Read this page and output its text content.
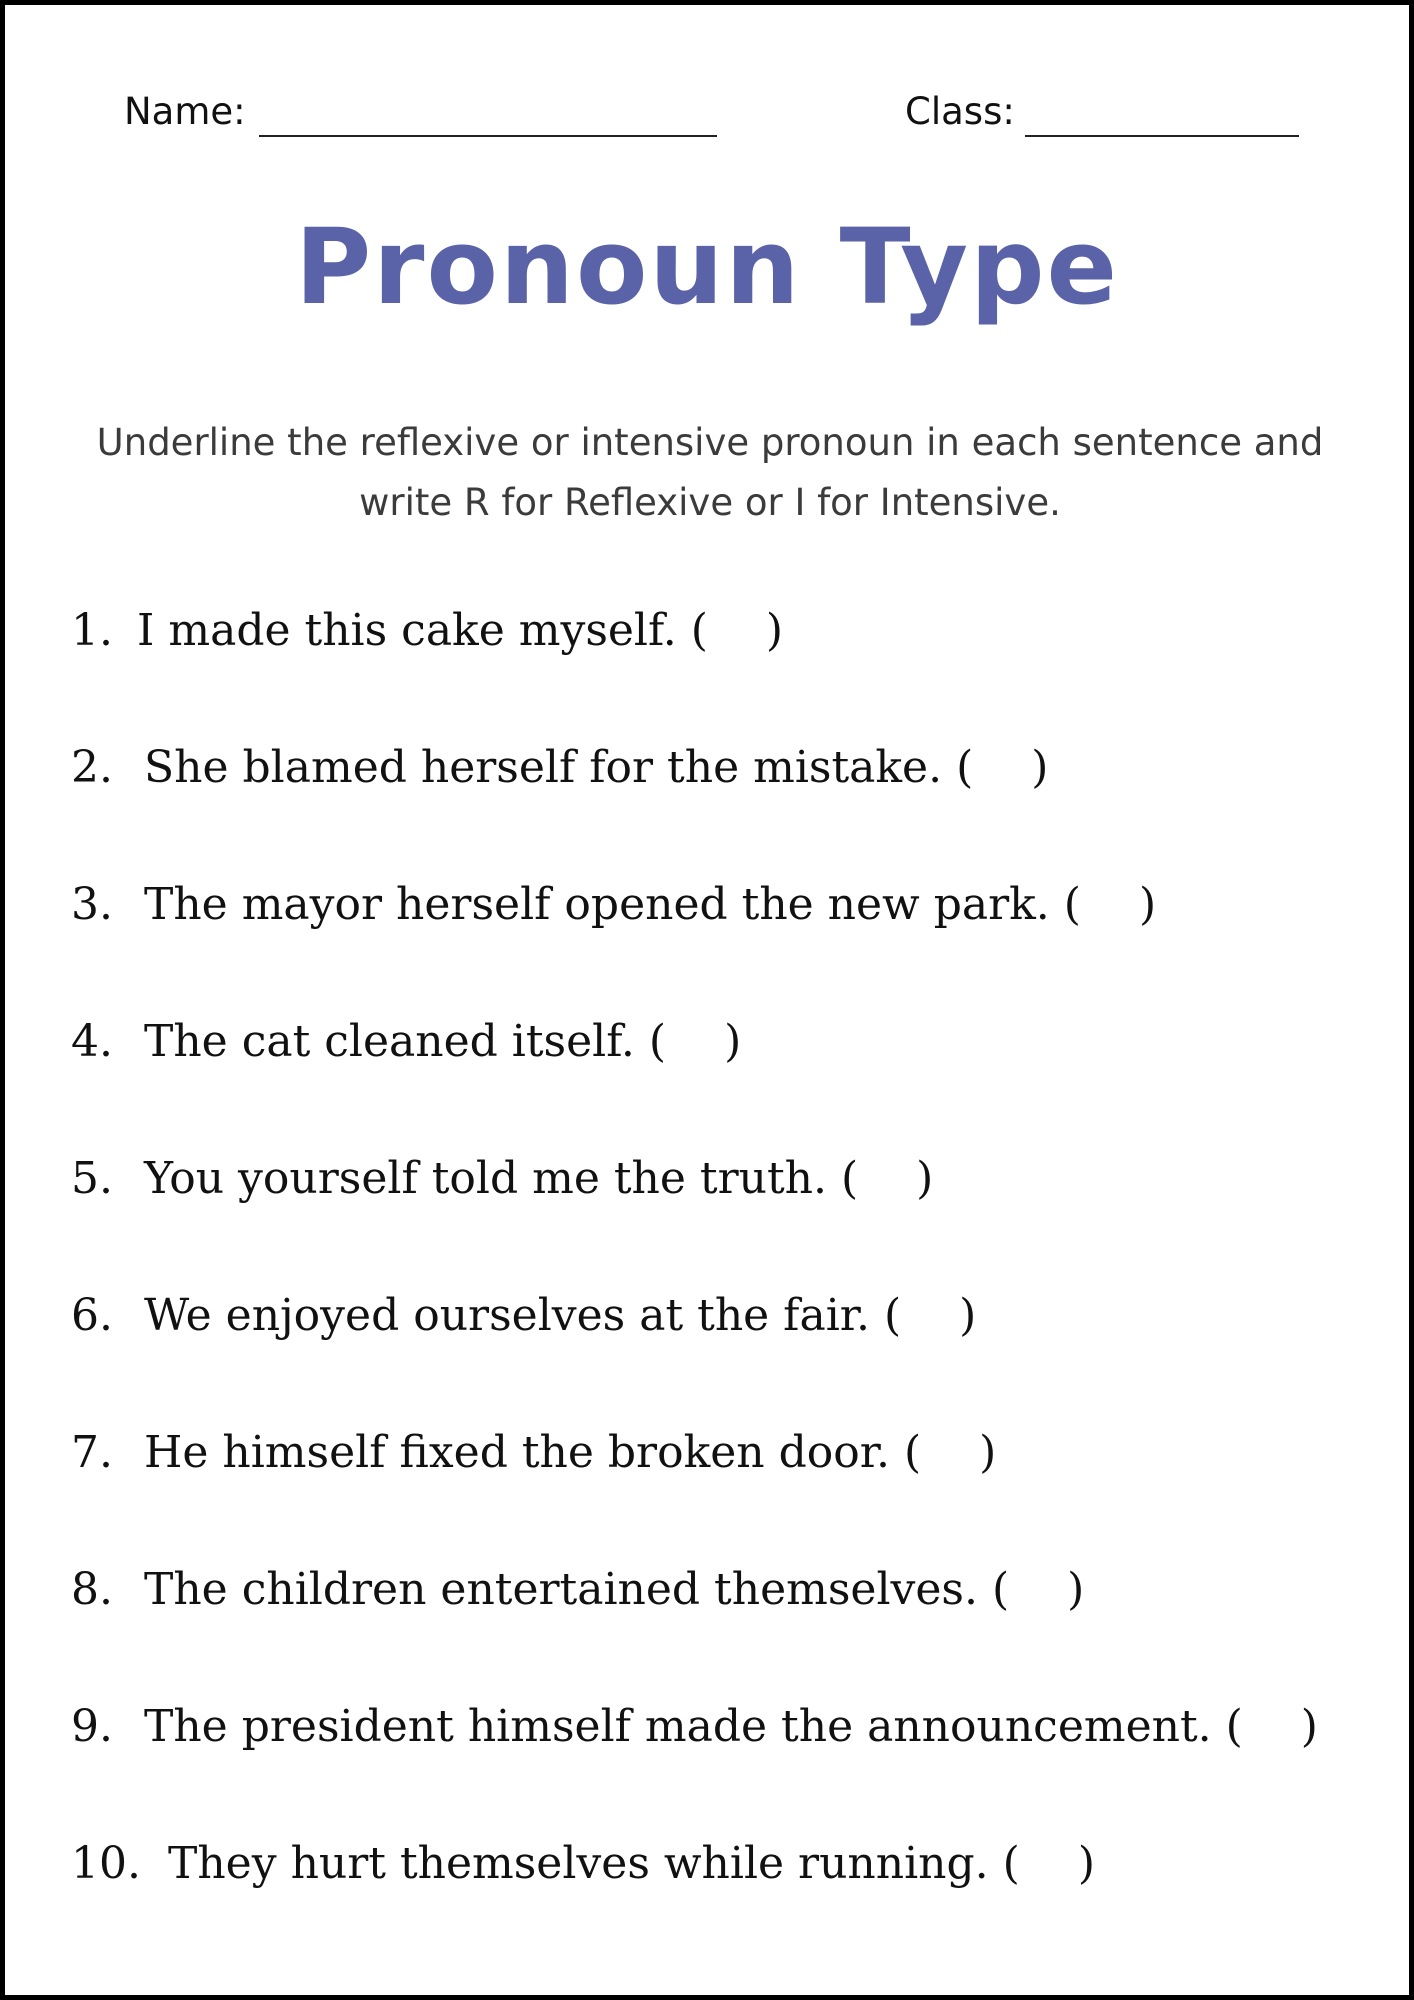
Name:	Class:
Pronoun Type
Underline the reflexive or intensive pronoun in each sentence and write R for Reflexive or I for Intensive.
1. I made this cake myself. ( )
2. She blamed herself for the mistake. ( )
3. The mayor herself opened the new park. ( )
4. The cat cleaned itself. ( )
5. You yourself told me the truth. ( )
6. We enjoyed ourselves at the fair. ( )
7. He himself fixed the broken door. ( )
8. The children entertained themselves. ( )
9. The president himself made the announcement. ( )
10. They hurt themselves while running. ( )
